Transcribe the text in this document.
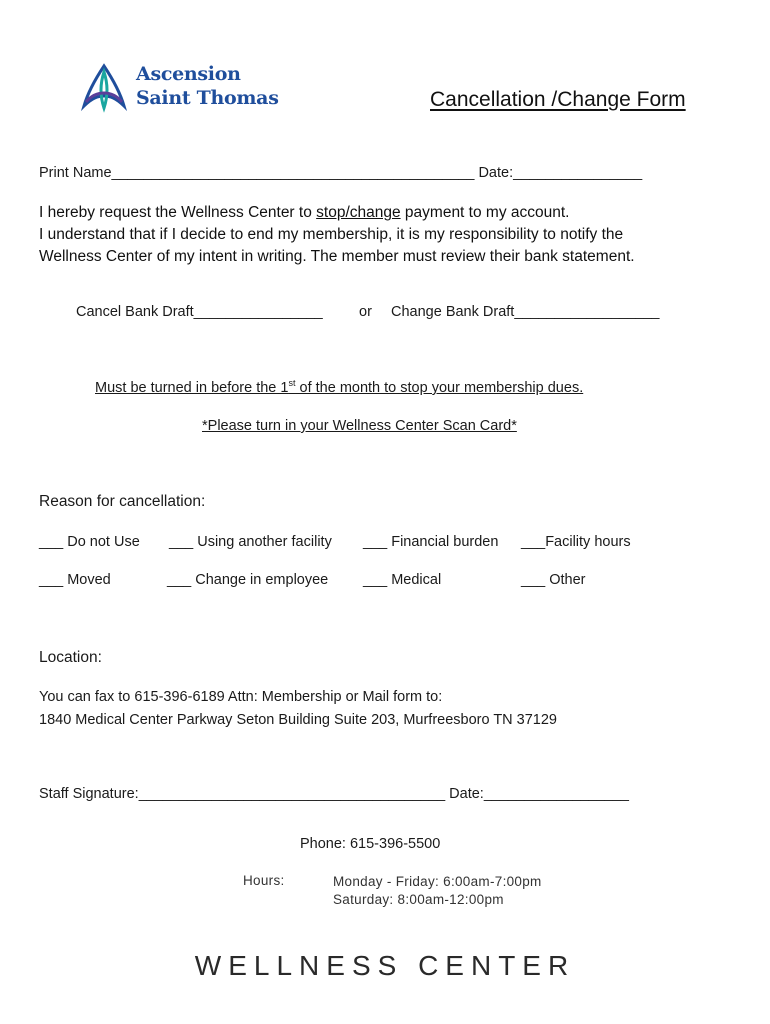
Ascension
Saint Thomas	Cancellation /Change Form
Print Name_____________________________________________ Date:________________
I hereby request the Wellness Center to stop/change payment to my account.
I understand that if I decide to end my membership, it is my responsibility to notify the
Wellness Center of my intent in writing. The member must review their bank statement.
Cancel Bank Draft________________	or Change Bank Draft__________________
Must be turned in before the 1st of the month to stop your membership dues.
*Please turn in your Wellness Center Scan Card*
Reason for cancellation:
___ Do not Use ___ Using another facility ___ Financial burden ___Facility hours
___ Moved	___ Change in employee ___ Medical	___ Other
Location:
You can fax to 615-396-6189 Attn: Membership or Mail form to:
1840 Medical Center Parkway Seton Building Suite 203, Murfreesboro TN 37129
Staff Signature:______________________________________ Date:__________________
Phone: 615-396-5500
Hours:	Monday - Friday: 6:00am-7:00pm
Saturday: 8:00am-12:00pm
WELLNESS CENTER
